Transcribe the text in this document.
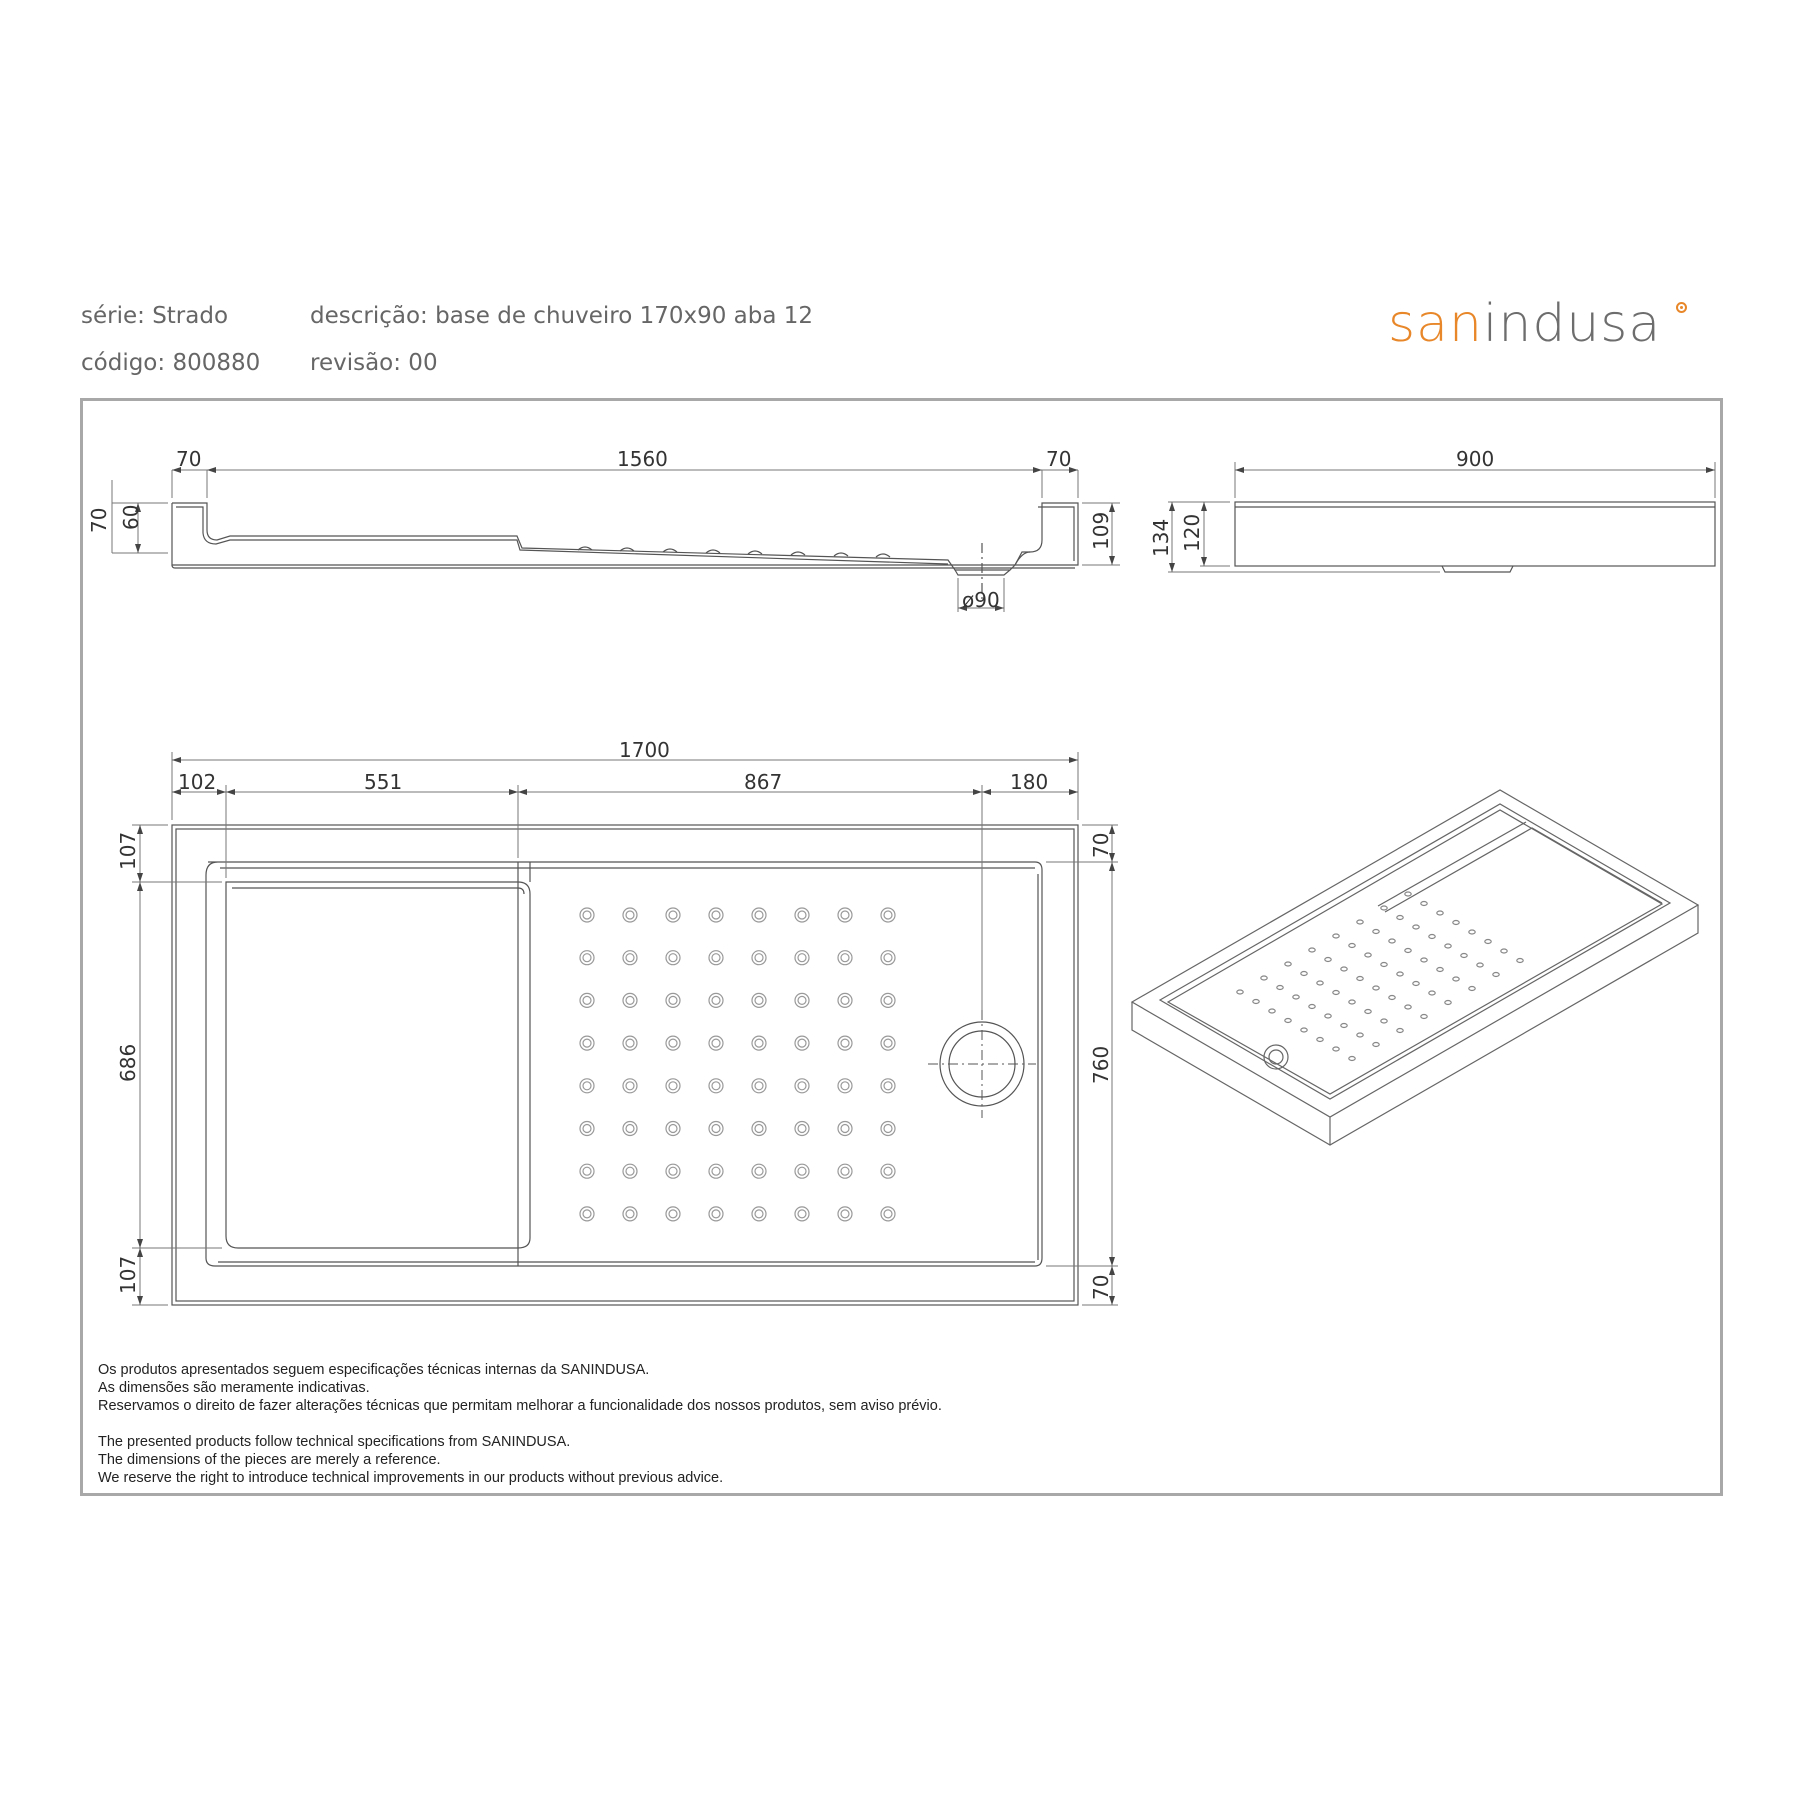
série: Strado	descrição: base de chuveiro 170x90 aba 12
código: 800880 revisão: 00
sanindusa
70	1560	70
70 60	109
ø90
900
134 120
1700
102	551	867	180
107
686
107
70
760
70
Os produtos apresentados seguem especificações técnicas internas da SANINDUSA.
As dimensões são meramente indicativas.
Reservamos o direito de fazer alterações técnicas que permitam melhorar a funcionalidade dos nossos produtos, sem aviso prévio.
The presented products follow technical specifications from SANINDUSA.
The dimensions of the pieces are merely a reference.
We reserve the right to introduce technical improvements in our products without previous advice.
